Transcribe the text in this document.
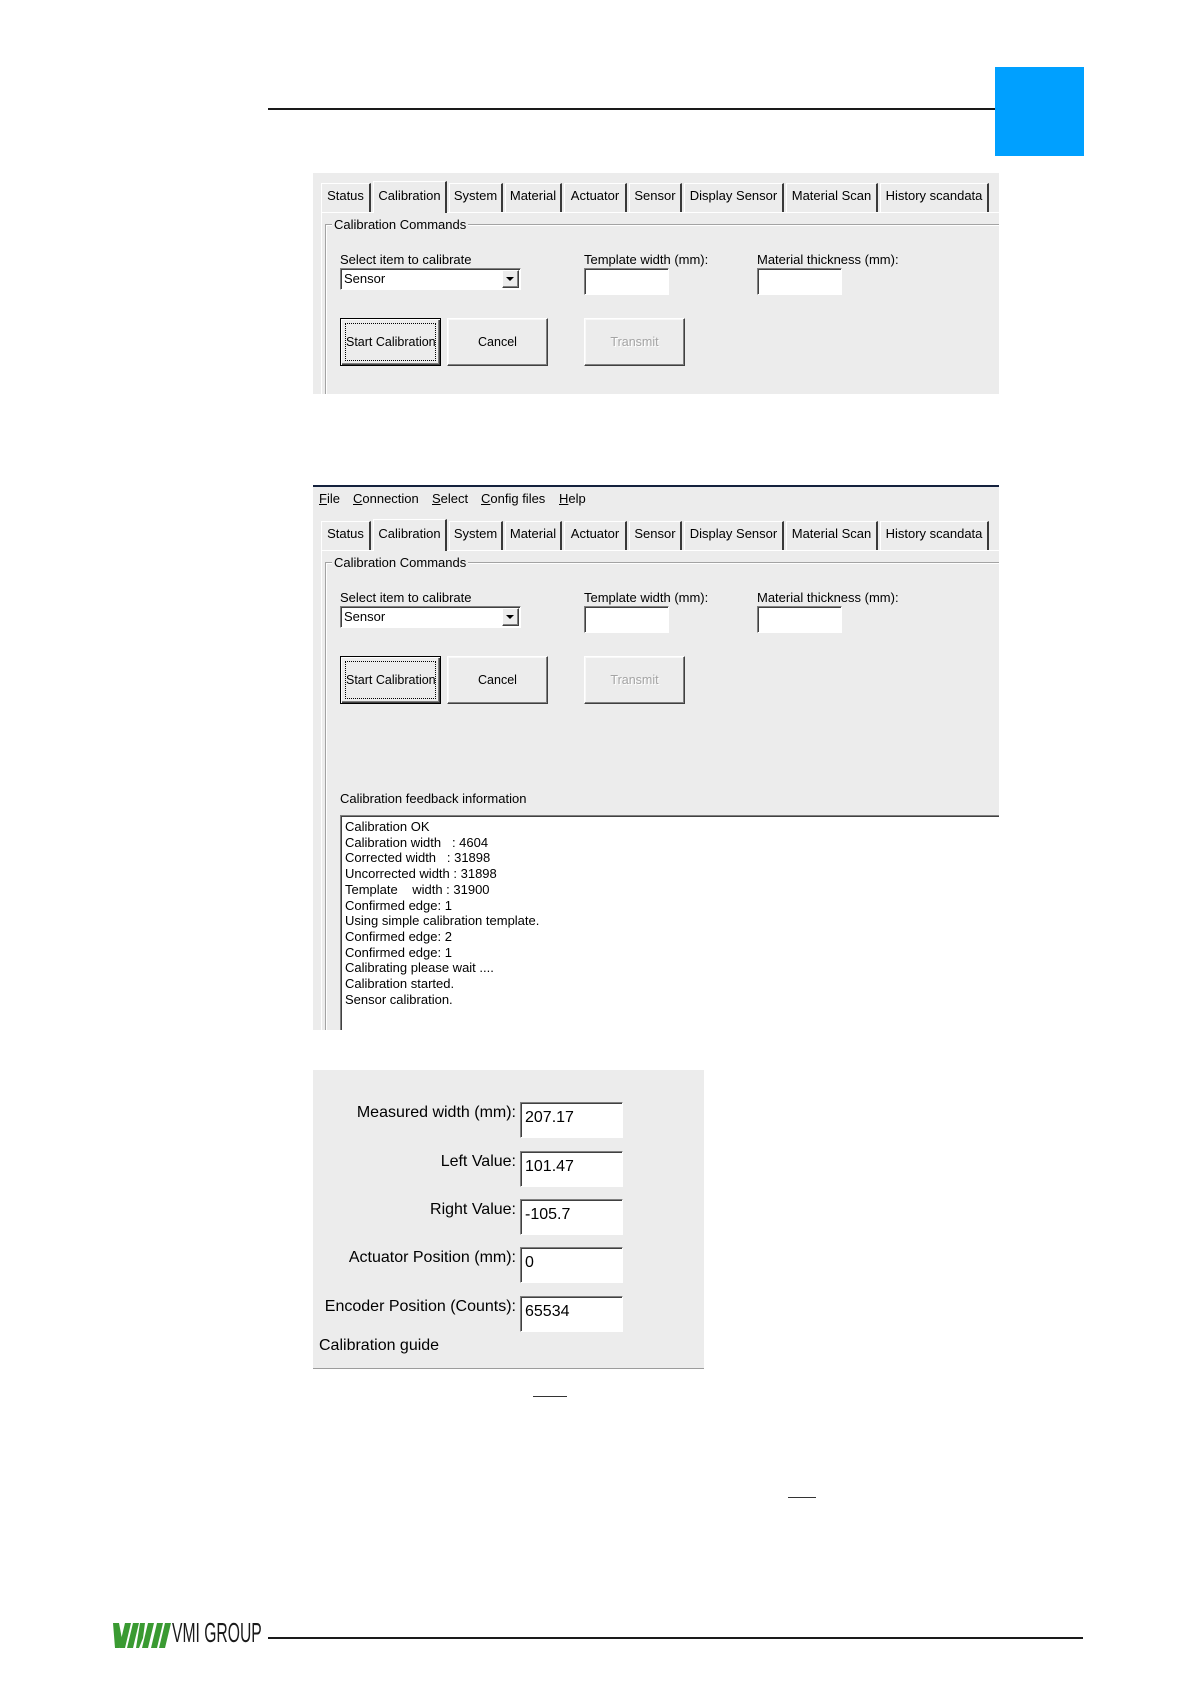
Status	Calibration	System Material	Actuator	Sensor	Display Sensor	Material Scan	History scandata
Calibration Commands
Select item to calibrate
Sensor
Template width (mm):	Material thickness (mm):
Start Calibration	Cancel	Transmit
File Connection Select Config files Help
Status	Calibration	System Material	Actuator	Sensor	Display Sensor	Material Scan	History scandata
Calibration Commands
Select item to calibrate
Sensor
Template width (mm):	Material thickness (mm):
Start Calibration	Cancel	Transmit
Calibration feedback information
Calibration OK
Calibration width   : 4604
Corrected width   : 31898
Uncorrected width : 31898
Template    width : 31900
Confirmed edge: 1
Using simple calibration template.
Confirmed edge: 2
Confirmed edge: 1
Calibrating please wait ....
Calibration started.
Sensor calibration.
Measured width (mm):
207.17
Left Value:
101.47
Right Value:
-105.7
Actuator Position (mm):
0
Encoder Position (Counts):
65534
Calibration guide
VMI GROUP
